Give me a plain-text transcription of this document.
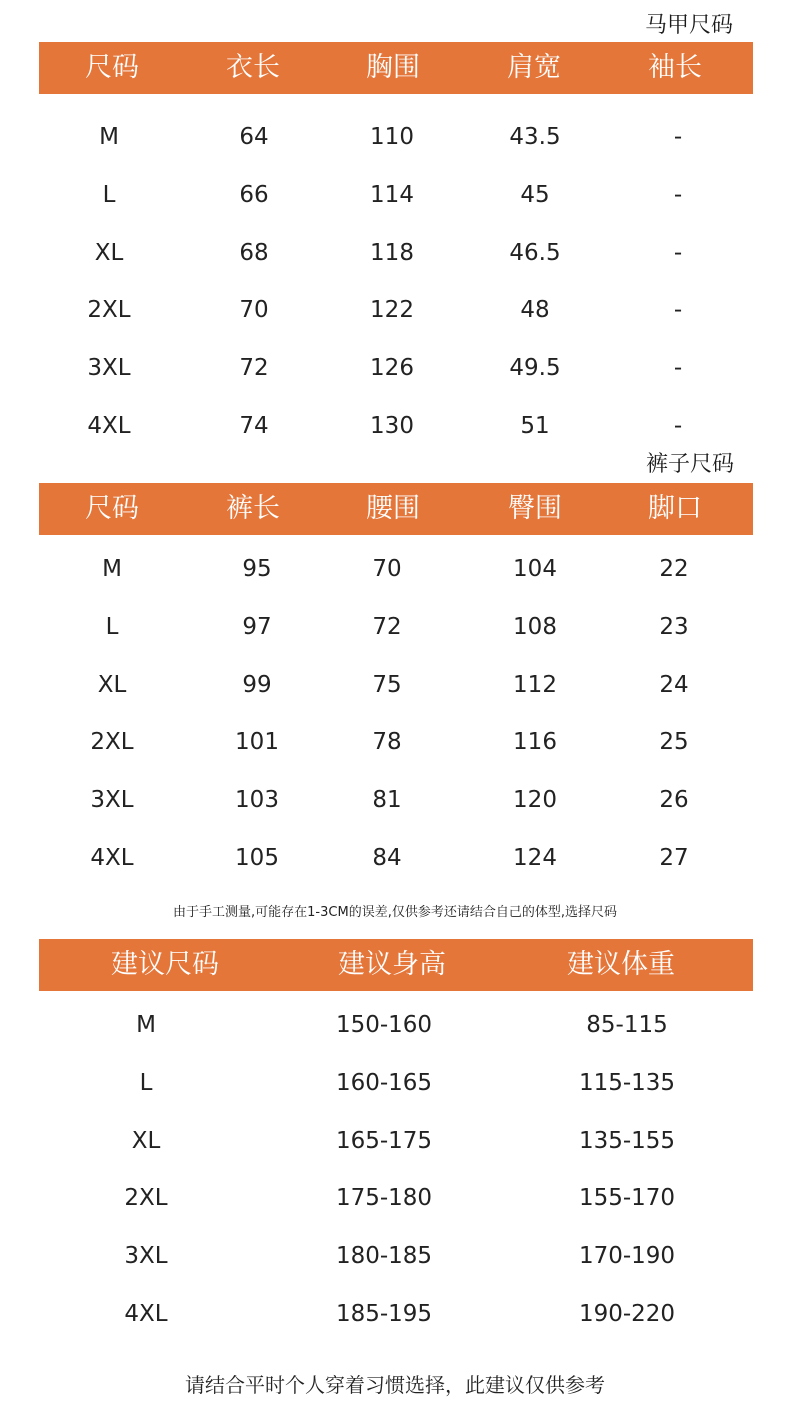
马甲尺码
尺码	衣长	胸围	肩宽	袖长
M	64	110	43.5	-
L	66	114	45	-
XL	68	118	46.5	-
2XL	70	122	48	-
3XL	72	126	49.5	-
4XL	74	130	51	-
裤子尺码
尺码	裤长	腰围	臀围	脚口
M	95	70	104	22
L	97	72	108	23
XL	99	75	112	24
2XL	101	78	116	25
3XL	103	81	120	26
4XL	105	84	124	27
由于手工测量,可能存在1-3CM的误差,仅供参考还请结合自己的体型,选择尺码
建议尺码	建议身高	建议体重
M	150-160	85-115
L	160-165	115-135
XL	165-175	135-155
2XL	175-180	155-170
3XL	180-185	170-190
4XL	185-195	190-220
请结合平时个人穿着习惯选择，此建议仅供参考
